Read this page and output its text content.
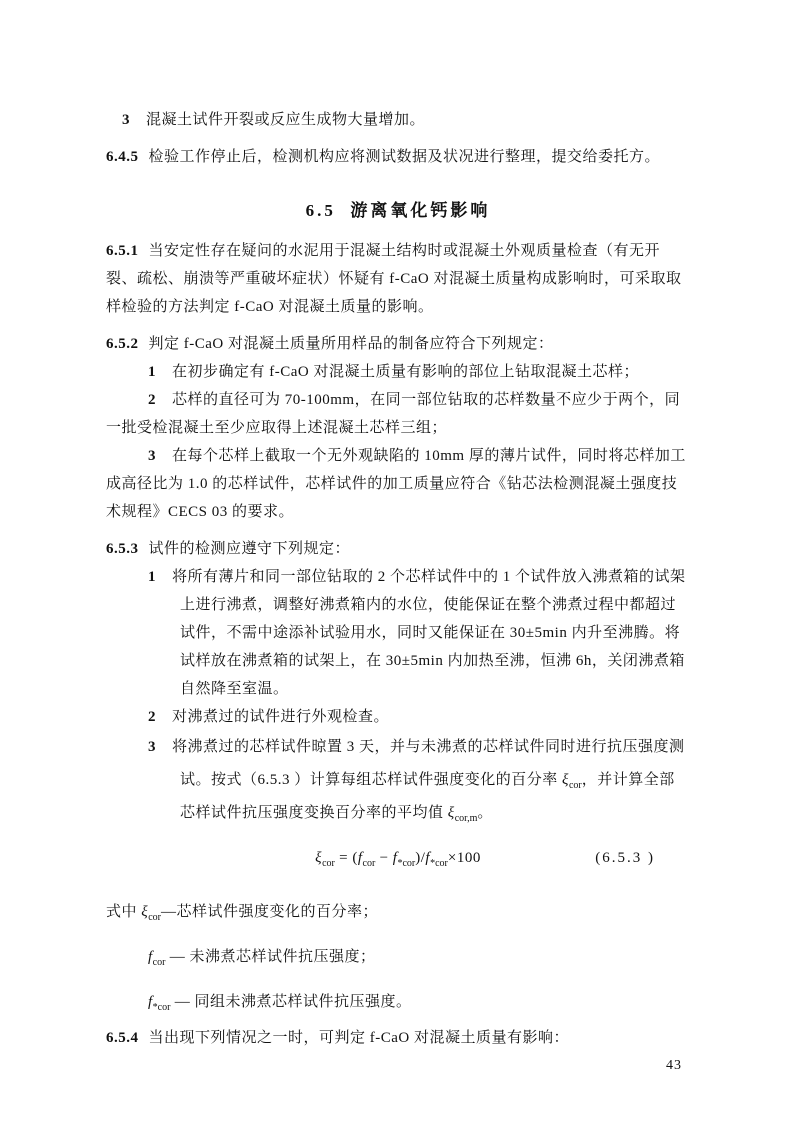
3 混凝土试件开裂或反应生成物大量增加。

6.4.5 检验工作停止后，检测机构应将测试数据及状况进行整理，提交给委托方。

6.5 游离氧化钙影响

6.5.1 当安定性存在疑问的水泥用于混凝土结构时或混凝土外观质量检查（有无开裂、疏松、崩溃等严重破坏症状）怀疑有 f-CaO 对混凝土质量构成影响时，可采取取样检验的方法判定 f-CaO 对混凝土质量的影响。

6.5.2 判定 f-CaO 对混凝土质量所用样品的制备应符合下列规定：

1 在初步确定有 f-CaO 对混凝土质量有影响的部位上钻取混凝土芯样；

2 芯样的直径可为 70-100mm，在同一部位钻取的芯样数量不应少于两个，同一批受检混凝土至少应取得上述混凝土芯样三组；

3 在每个芯样上截取一个无外观缺陷的 10mm 厚的薄片试件，同时将芯样加工成高径比为 1.0 的芯样试件，芯样试件的加工质量应符合《钻芯法检测混凝土强度技术规程》CECS 03 的要求。

6.5.3 试件的检测应遵守下列规定：

1 将所有薄片和同一部位钻取的 2 个芯样试件中的 1 个试件放入沸煮箱的试架上进行沸煮，调整好沸煮箱内的水位，使能保证在整个沸煮过程中都超过试件，不需中途添补试验用水，同时又能保证在 30±5min 内升至沸腾。将试样放在沸煮箱的试架上，在 30±5min 内加热至沸，恒沸 6h，关闭沸煮箱自然降至室温。

2 对沸煮过的试件进行外观检查。

3 将沸煮过的芯样试件晾置 3 天，并与未沸煮的芯样试件同时进行抗压强度测试。按式（6.5.3 ）计算每组芯样试件强度变化的百分率 $\xi_{cor}$，并计算全部芯样试件抗压强度变换百分率的平均值 $\xi_{cor,m}$。

$\xi_{cor} = (f_{cor} - f_{*cor})/f_{*cor}\times 100$	(6.5.3 )

式中 $\xi_{cor}—$芯样试件强度变化的百分率；

$f_{cor}$ — 未沸煮芯样试件抗压强度；

$f_{*cor}$ — 同组未沸煮芯样试件抗压强度。

6.5.4 当出现下列情况之一时，可判定 f-CaO 对混凝土质量有影响：

43
